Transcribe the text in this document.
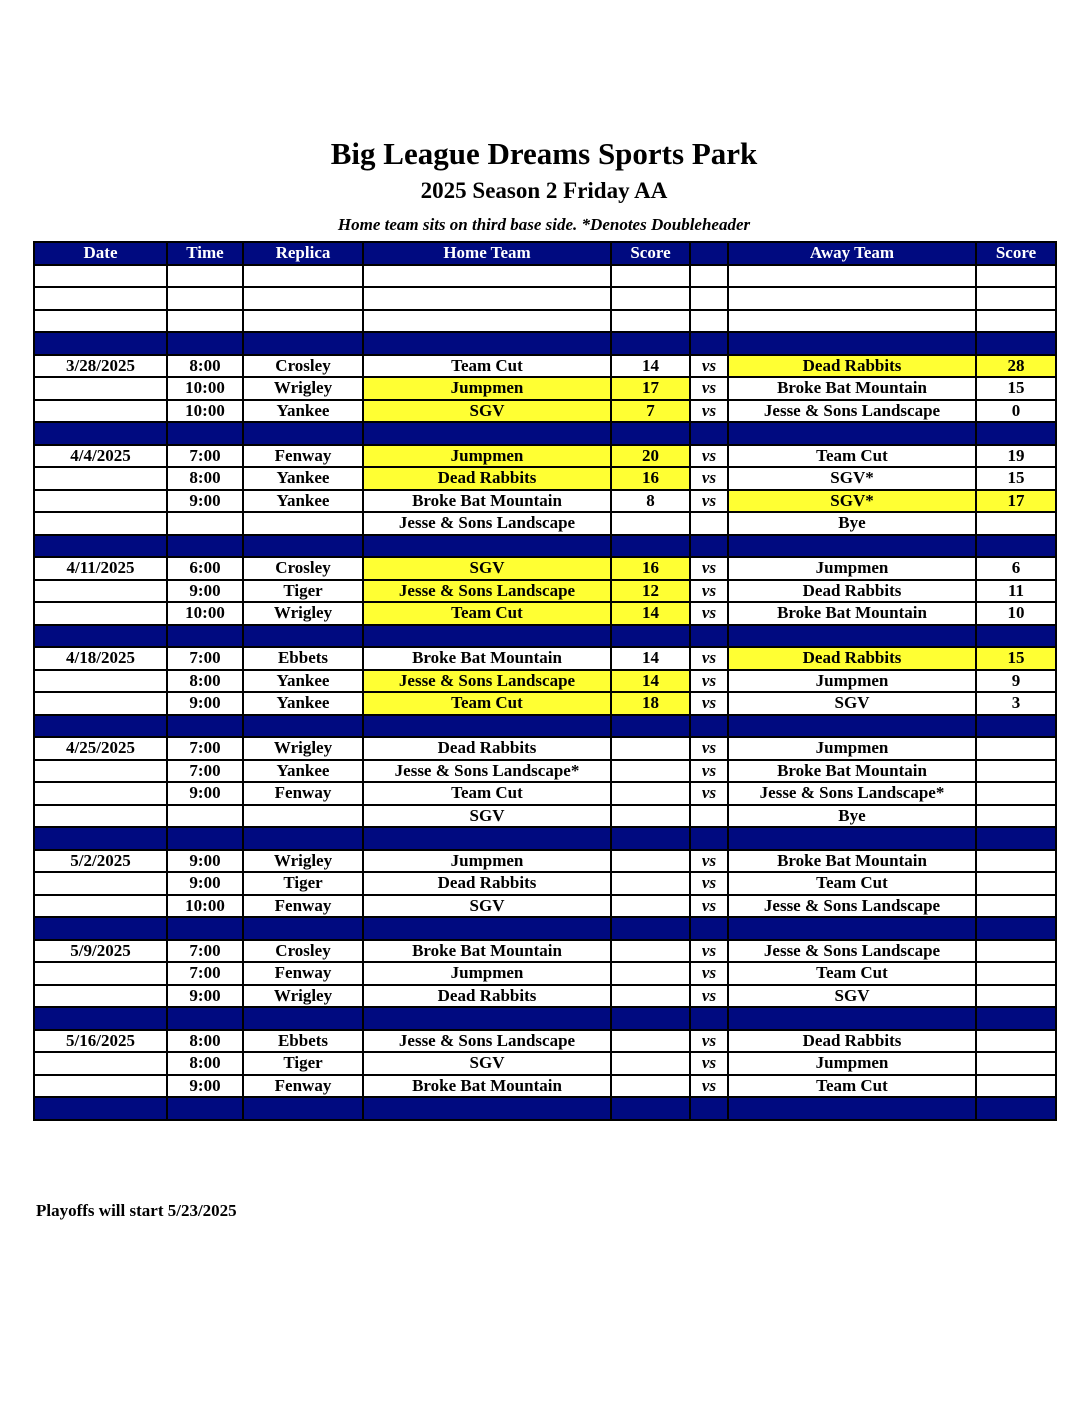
Big League Dreams Sports Park
2025 Season 2 Friday AA
Home team sits on third base side. *Denotes Doubleheader
Date	Time	Replica	Home Team	Score		Away Team	Score

3/28/2025	8:00	Crosley	Team Cut	14	vs	Dead Rabbits	28
	10:00	Wrigley	Jumpmen	17	vs	Broke Bat Mountain	15
	10:00	Yankee	SGV	7	vs	Jesse & Sons Landscape	0

4/4/2025	7:00	Fenway	Jumpmen	20	vs	Team Cut	19
	8:00	Yankee	Dead Rabbits	16	vs	SGV*	15
	9:00	Yankee	Broke Bat Mountain	8	vs	SGV*	17
			Jesse & Sons Landscape			Bye	

4/11/2025	6:00	Crosley	SGV	16	vs	Jumpmen	6
	9:00	Tiger	Jesse & Sons Landscape	12	vs	Dead Rabbits	11
	10:00	Wrigley	Team Cut	14	vs	Broke Bat Mountain	10

4/18/2025	7:00	Ebbets	Broke Bat Mountain	14	vs	Dead Rabbits	15
	8:00	Yankee	Jesse & Sons Landscape	14	vs	Jumpmen	9
	9:00	Yankee	Team Cut	18	vs	SGV	3

4/25/2025	7:00	Wrigley	Dead Rabbits		vs	Jumpmen	
	7:00	Yankee	Jesse & Sons Landscape*		vs	Broke Bat Mountain	
	9:00	Fenway	Team Cut		vs	Jesse & Sons Landscape*	
			SGV			Bye	

5/2/2025	9:00	Wrigley	Jumpmen		vs	Broke Bat Mountain	
	9:00	Tiger	Dead Rabbits		vs	Team Cut	
	10:00	Fenway	SGV		vs	Jesse & Sons Landscape	

5/9/2025	7:00	Crosley	Broke Bat Mountain		vs	Jesse & Sons Landscape	
	7:00	Fenway	Jumpmen		vs	Team Cut	
	9:00	Wrigley	Dead Rabbits		vs	SGV	

5/16/2025	8:00	Ebbets	Jesse & Sons Landscape		vs	Dead Rabbits	
	8:00	Tiger	SGV		vs	Jumpmen	
	9:00	Fenway	Broke Bat Mountain		vs	Team Cut	

Playoffs will start 5/23/2025
